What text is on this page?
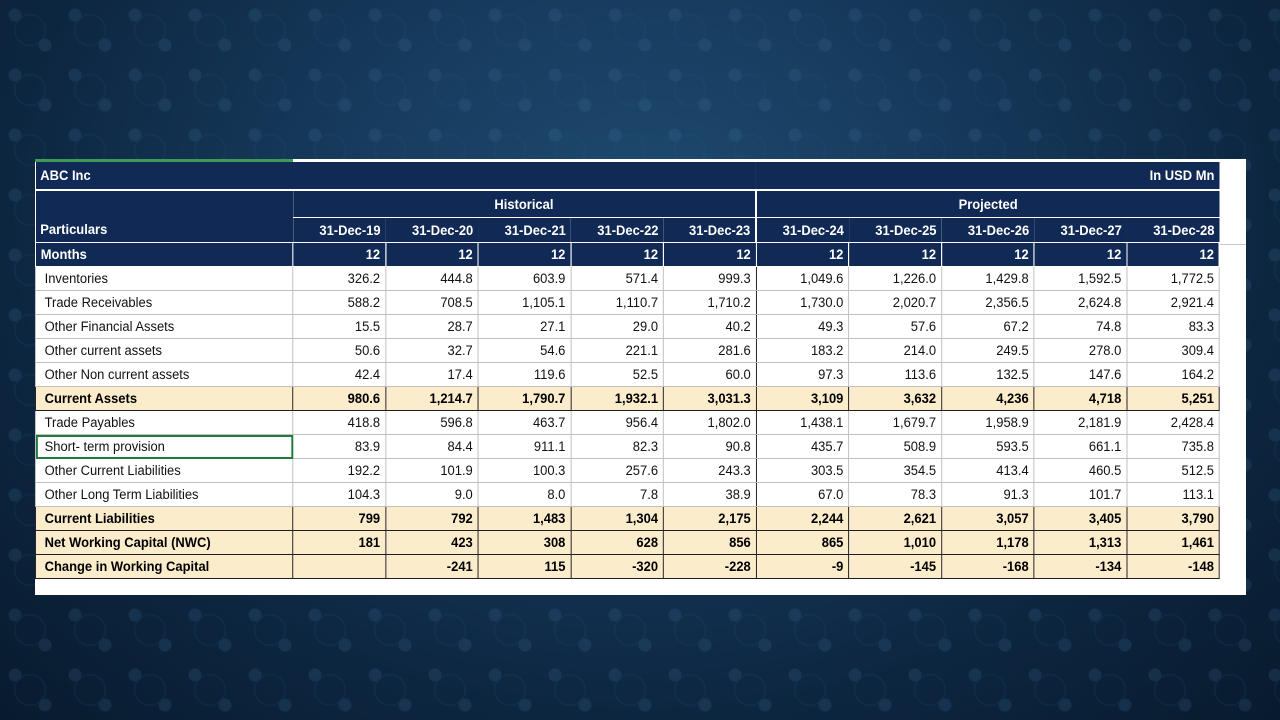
ABC Inc						In USD Mn				
	Historical					Projected				
Particulars	31-Dec-19	31-Dec-20	31-Dec-21	31-Dec-22	31-Dec-23	31-Dec-24	31-Dec-25	31-Dec-26	31-Dec-27	31-Dec-28
Months	12	12	12	12	12	12	12	12	12	12
Inventories	326.2	444.8	603.9	571.4	999.3	1,049.6	1,226.0	1,429.8	1,592.5	1,772.5
Trade Receivables	588.2	708.5	1,105.1	1,110.7	1,710.2	1,730.0	2,020.7	2,356.5	2,624.8	2,921.4
Other Financial Assets	15.5	28.7	27.1	29.0	40.2	49.3	57.6	67.2	74.8	83.3
Other current assets	50.6	32.7	54.6	221.1	281.6	183.2	214.0	249.5	278.0	309.4
Other Non current assets	42.4	17.4	119.6	52.5	60.0	97.3	113.6	132.5	147.6	164.2
Current Assets	980.6	1,214.7	1,790.7	1,932.1	3,031.3	3,109	3,632	4,236	4,718	5,251
Trade Payables	418.8	596.8	463.7	956.4	1,802.0	1,438.1	1,679.7	1,958.9	2,181.9	2,428.4
Short- term provision	83.9	84.4	911.1	82.3	90.8	435.7	508.9	593.5	661.1	735.8
Other Current Liabilities	192.2	101.9	100.3	257.6	243.3	303.5	354.5	413.4	460.5	512.5
Other Long Term Liabilities	104.3	9.0	8.0	7.8	38.9	67.0	78.3	91.3	101.7	113.1
Current Liabilities	799	792	1,483	1,304	2,175	2,244	2,621	3,057	3,405	3,790
Net Working Capital (NWC)	181	423	308	628	856	865	1,010	1,178	1,313	1,461
Change in Working Capital		-241	115	-320	-228	-9	-145	-168	-134	-148
